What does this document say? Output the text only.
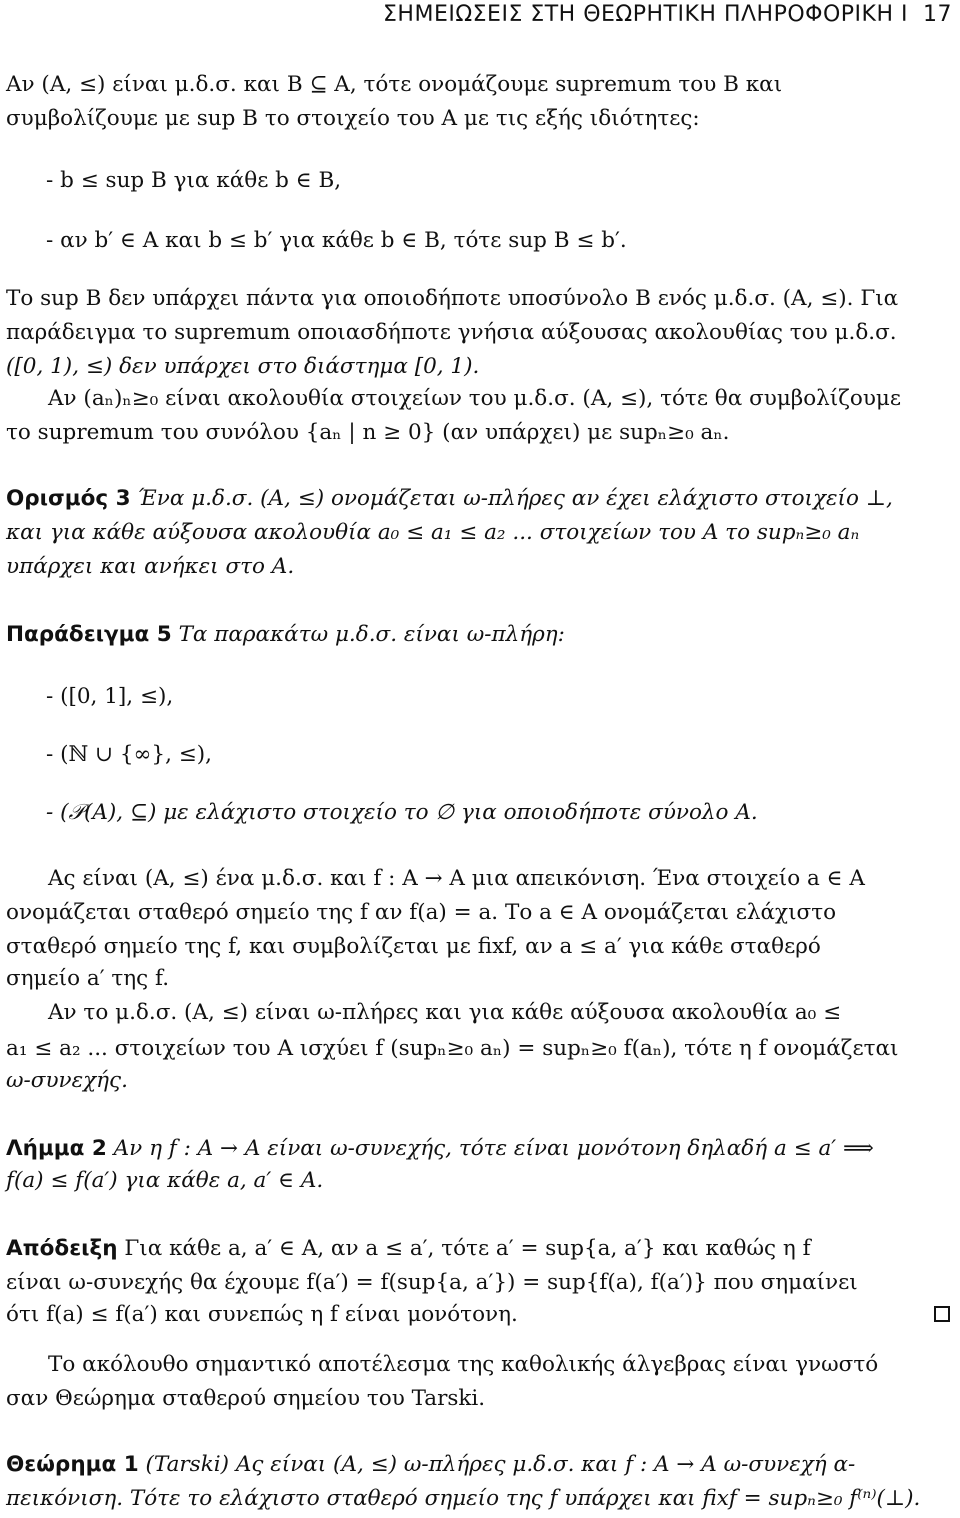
ΣΗΜΕΙΩΣΕΙΣ ΣΤΗ ΘΕΩΡΗΤΙΚΗ ΠΛΗΡΟΦΟΡΙΚΗ Ι 17
Αν (A, ≤) είναι μ.δ.σ. και B ⊆ A, τότε ονομάζουμε supremum του B και
συμβολίζουμε με sup B το στοιχείο του A με τις εξής ιδιότητες:
- b ≤ sup B για κάθε b ∈ B,
- αν b′ ∈ A και b ≤ b′ για κάθε b ∈ B, τότε sup B ≤ b′.
Το sup B δεν υπάρχει πάντα για οποιοδήποτε υποσύνολο B ενός μ.δ.σ. (A, ≤). Για
παράδειγμα το supremum οποιασδήποτε γνήσια αύξουσας ακολουθίας του μ.δ.σ.
([0, 1), ≤) δεν υπάρχει στο διάστημα [0, 1).
Αν (aₙ)ₙ≥₀ είναι ακολουθία στοιχείων του μ.δ.σ. (A, ≤), τότε θα συμβολίζουμε
το supremum του συνόλου {aₙ | n ≥ 0} (αν υπάρχει) με supₙ≥₀ aₙ.
Ορισμός 3 Ένα μ.δ.σ. (A, ≤) ονομάζεται ω-πλήρες αν έχει ελάχιστο στοιχείο ⊥,
και για κάθε αύξουσα ακολουθία a₀ ≤ a₁ ≤ a₂ ... στοιχείων του A το supₙ≥₀ aₙ
υπάρχει και ανήκει στο A.
Παράδειγμα 5 Τα παρακάτω μ.δ.σ. είναι ω-πλήρη:
- ([0, 1], ≤),
- (ℕ ∪ {∞}, ≤),
- (𝒫(A), ⊆) με ελάχιστο στοιχείο το ∅ για οποιοδήποτε σύνολο A.
Ας είναι (A, ≤) ένα μ.δ.σ. και f : A → A μια απεικόνιση. Ένα στοιχείο a ∈ A
ονομάζεται σταθερό σημείο της f αν f(a) = a. Το a ∈ A ονομάζεται ελάχιστο
σταθερό σημείο της f, και συμβολίζεται με fixf, αν a ≤ a′ για κάθε σταθερό
σημείο a′ της f.
Αν το μ.δ.σ. (A, ≤) είναι ω-πλήρες και για κάθε αύξουσα ακολουθία a₀ ≤
a₁ ≤ a₂ ... στοιχείων του A ισχύει f (supₙ≥₀ aₙ) = supₙ≥₀ f(aₙ), τότε η f ονομάζεται
ω-συνεχής.
Λήμμα 2 Αν η f : A → A είναι ω-συνεχής, τότε είναι μονότονη δηλαδή a ≤ a′ ⟹
f(a) ≤ f(a′) για κάθε a, a′ ∈ A.
Απόδειξη Για κάθε a, a′ ∈ A, αν a ≤ a′, τότε a′ = sup{a, a′} και καθώς η f
είναι ω-συνεχής θα έχουμε f(a′) = f(sup{a, a′}) = sup{f(a), f(a′)} που σημαίνει
ότι f(a) ≤ f(a′) και συνεπώς η f είναι μονότονη.
Το ακόλουθο σημαντικό αποτέλεσμα της καθολικής άλγεβρας είναι γνωστό
σαν Θεώρημα σταθερού σημείου του Tarski.
Θεώρημα 1 (Tarski) Ας είναι (A, ≤) ω-πλήρες μ.δ.σ. και f : A → A ω-συνεχή α-
πεικόνιση. Τότε το ελάχιστο σταθερό σημείο της f υπάρχει και fixf = supₙ≥₀ f⁽ⁿ⁾(⊥).
